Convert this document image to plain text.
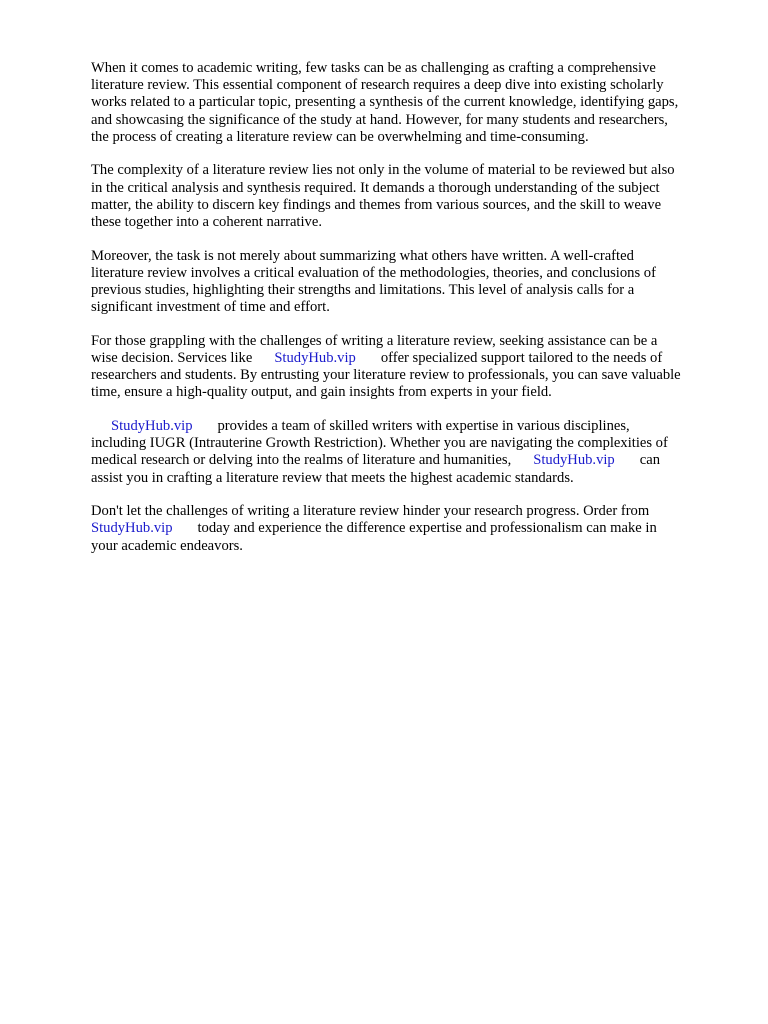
When it comes to academic writing, few tasks can be as challenging as crafting a comprehensive
literature review. This essential component of research requires a deep dive into existing scholarly
works related to a particular topic, presenting a synthesis of the current knowledge, identifying gaps,
and showcasing the significance of the study at hand. However, for many students and researchers,
the process of creating a literature review can be overwhelming and time-consuming.

The complexity of a literature review lies not only in the volume of material to be reviewed but also
in the critical analysis and synthesis required. It demands a thorough understanding of the subject
matter, the ability to discern key findings and themes from various sources, and the skill to weave
these together into a coherent narrative.

Moreover, the task is not merely about summarizing what others have written. A well-crafted
literature review involves a critical evaluation of the methodologies, theories, and conclusions of
previous studies, highlighting their strengths and limitations. This level of analysis calls for a
significant investment of time and effort.

For those grappling with the challenges of writing a literature review, seeking assistance can be a
wise decision. Services like StudyHub.vip offer specialized support tailored to the needs of
researchers and students. By entrusting your literature review to professionals, you can save valuable
time, ensure a high-quality output, and gain insights from experts in your field.

StudyHub.vip provides a team of skilled writers with expertise in various disciplines,
including IUGR (Intrauterine Growth Restriction). Whether you are navigating the complexities of
medical research or delving into the realms of literature and humanities, StudyHub.vip can
assist you in crafting a literature review that meets the highest academic standards.

Don't let the challenges of writing a literature review hinder your research progress. Order from
StudyHub.vip today and experience the difference expertise and professionalism can make in
your academic endeavors.
